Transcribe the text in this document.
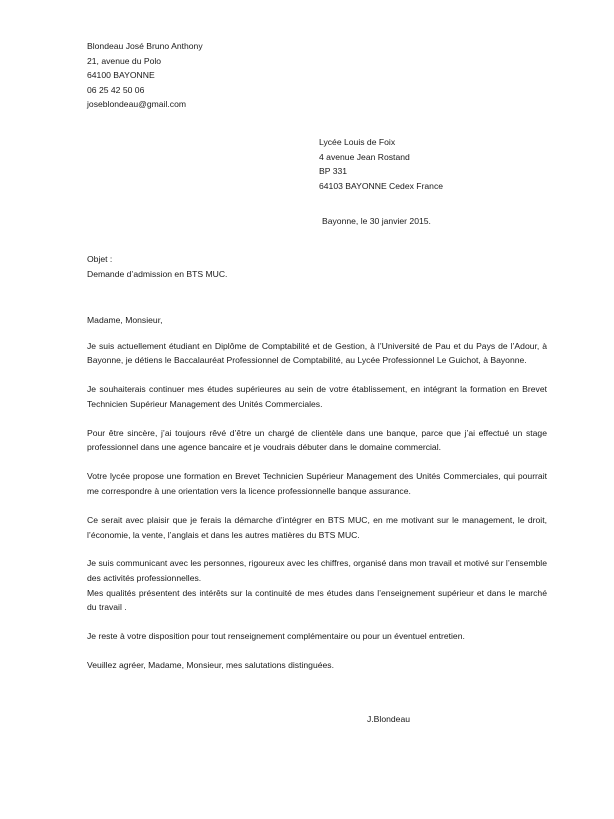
Blondeau José Bruno Anthony
21, avenue du Polo
64100 BAYONNE
06 25 42 50 06
joseblondeau@gmail.com
Lycée Louis de Foix
4 avenue Jean Rostand
BP 331
64103 BAYONNE Cedex France
Bayonne, le 30 janvier 2015.
Objet :
Demande d’admission en BTS MUC.

Madame, Monsieur,

Je suis actuellement étudiant en Diplôme de Comptabilité et de Gestion, à l’Université de Pau et du Pays de l’Adour, à Bayonne, je détiens le Baccalauréat Professionnel de Comptabilité, au Lycée Professionnel Le Guichot, à Bayonne.

Je souhaiterais continuer mes études supérieures au sein de votre établissement, en intégrant la formation en Brevet Technicien Supérieur Management des Unités Commerciales.

Pour être sincère, j’ai toujours rêvé d’être un chargé de clientèle dans une banque, parce que j’ai effectué un stage professionnel dans une agence bancaire et je voudrais débuter dans le domaine commercial.

Votre lycée propose une formation en Brevet Technicien Supérieur Management des Unités Commerciales, qui pourrait me correspondre à une orientation vers la licence professionnelle banque assurance.

Ce serait avec plaisir que je ferais la démarche d’intégrer en BTS MUC, en me motivant sur le management, le droit, l’économie, la vente, l’anglais et dans les autres matières du BTS MUC.

Je suis communicant avec les personnes, rigoureux avec les chiffres, organisé dans mon travail et motivé sur l’ensemble des activités professionnelles.
Mes qualités présentent des intérêts sur la continuité de mes études dans l’enseignement supérieur et dans le marché du travail .

Je reste à votre disposition pour tout renseignement complémentaire ou pour un éventuel entretien.

Veuillez agréer, Madame, Monsieur, mes salutations distinguées.

J.Blondeau
